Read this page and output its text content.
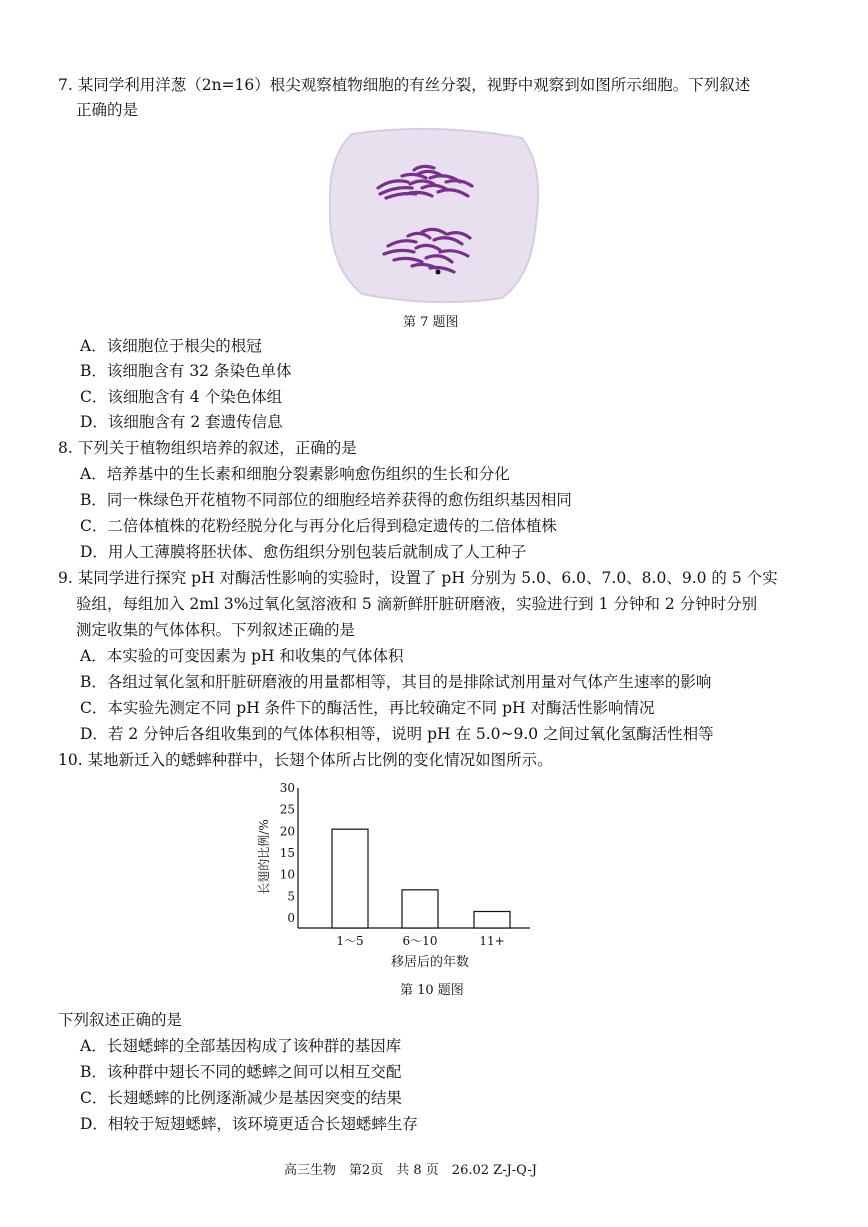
7. 某同学利用洋葱（2n=16）根尖观察植物细胞的有丝分裂，视野中观察到如图所示细胞。下列叙述
正确的是
第 7 题图
A．该细胞位于根尖的根冠
B．该细胞含有 32 条染色单体
C．该细胞含有 4 个染色体组
D．该细胞含有 2 套遗传信息
8. 下列关于植物组织培养的叙述，正确的是
A．培养基中的生长素和细胞分裂素影响愈伤组织的生长和分化
B．同一株绿色开花植物不同部位的细胞经培养获得的愈伤组织基因相同
C．二倍体植株的花粉经脱分化与再分化后得到稳定遗传的二倍体植株
D．用人工薄膜将胚状体、愈伤组织分别包装后就制成了人工种子
9. 某同学进行探究 pH 对酶活性影响的实验时，设置了 pH 分别为 5.0、6.0、7.0、8.0、9.0 的 5 个实
验组，每组加入 2ml 3%过氧化氢溶液和 5 滴新鲜肝脏研磨液，实验进行到 1 分钟和 2 分钟时分别
测定收集的气体体积。下列叙述正确的是
A．本实验的可变因素为 pH 和收集的气体体积
B．各组过氧化氢和肝脏研磨液的用量都相等，其目的是排除试剂用量对气体产生速率的影响
C．本实验先测定不同 pH 条件下的酶活性，再比较确定不同 pH 对酶活性影响情况
D．若 2 分钟后各组收集到的气体体积相等，说明 pH 在 5.0~9.0 之间过氧化氢酶活性相等
10. 某地新迁入的蟋蟀种群中，长翅个体所占比例的变化情况如图所示。
长翅的比例/%
0
5
10
15
20
25
30
1～5	6～10	11+
移居后的年数
第 10 题图
下列叙述正确的是
A．长翅蟋蟀的全部基因构成了该种群的基因库
B．该种群中翅长不同的蟋蟀之间可以相互交配
C．长翅蟋蟀的比例逐渐减少是基因突变的结果
D．相较于短翅蟋蟀，该环境更适合长翅蟋蟀生存
高三生物　第2页　共 8 页　26.02 Z-J-Q-J
